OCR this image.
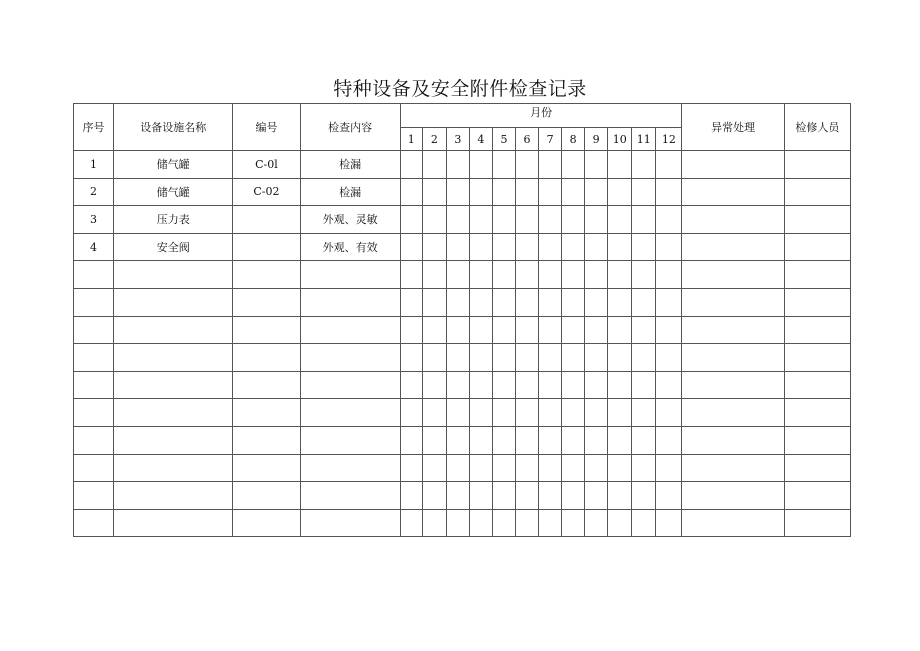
特种设备及安全附件检查记录
序号	设备设施名称	编号	检查内容	月份												异常处理	检修人员
				1	2	3	4	5	6	7	8	9	10	11	12		
1	储气罐	C-0l	检漏														
2	储气罐	C-02	检漏														
3	压力表		外观、灵敏														
4	安全阀		外观、有效														
